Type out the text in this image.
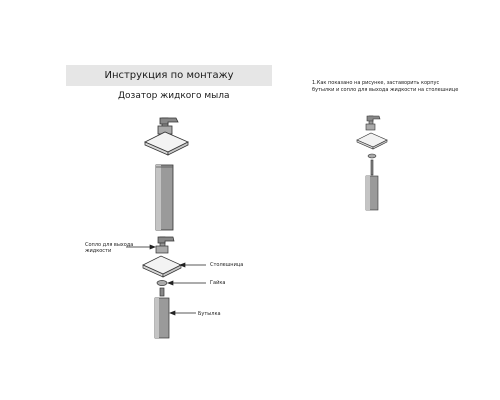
Инструкция по монтажу
Дозатор жидкого мыла
1.Как показано на рисунке, заставорить корпус бутылки и сопло для выхода жидкости на столешнице
Сопло для выхода жидкости
Столешница
Гайка
Бутылка
